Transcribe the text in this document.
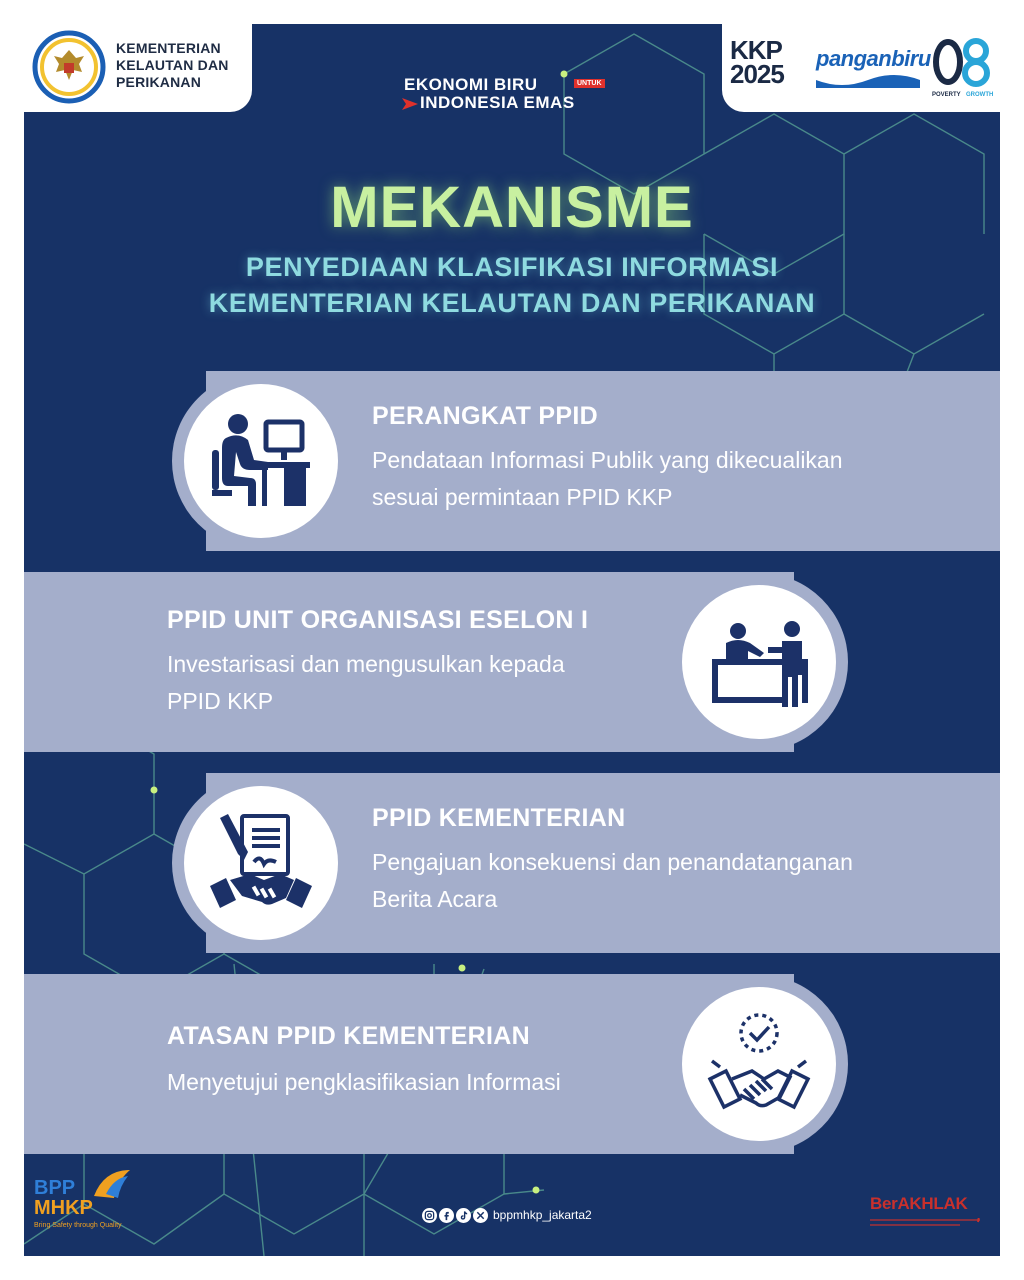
KEMENTERIAN
KELAUTAN DAN
PERIKANAN
KKP
2025
panganbiru
POVERTY GROWTH
EKONOMI BIRU	UNTUK
INDONESIA EMAS
MEKANISME
PENYEDIAAN KLASIFIKASI INFORMASI
KEMENTERIAN KELAUTAN DAN PERIKANAN
PERANGKAT PPID
Pendataan Informasi Publik yang dikecualikan
sesuai permintaan PPID KKP
PPID UNIT ORGANISASI ESELON I
Investarisasi dan mengusulkan kepada
PPID KKP
PPID KEMENTERIAN
Pengajuan konsekuensi dan penandatanganan
Berita Acara
ATASAN PPID KEMENTERIAN
Menyetujui pengklasifikasian Informasi
BPP
MHKP
Bring Safety through Quality
bppmhkp_jakarta2
BerAKHLAK
